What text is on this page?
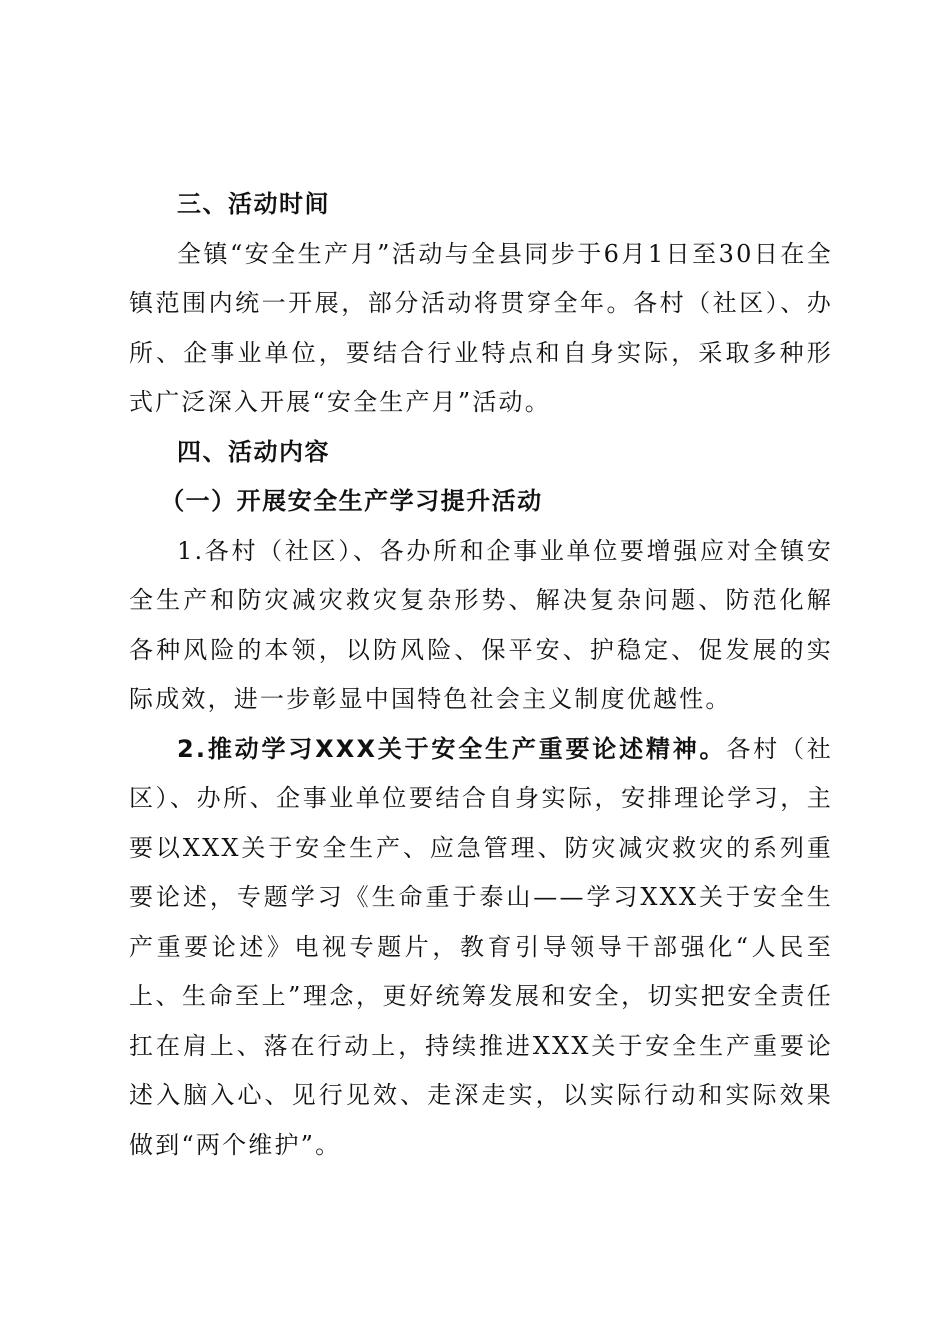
三、活动时间

全镇“安全生产月”活动与全县同步于6月1日至30日在全镇范围内统一开展，部分活动将贯穿全年。各村（社区）、办所、企事业单位，要结合行业特点和自身实际，采取多种形式广泛深入开展“安全生产月”活动。

四、活动内容

（一）开展安全生产学习提升活动

1.各村（社区）、各办所和企事业单位要增强应对全镇安全生产和防灾减灾救灾复杂形势、解决复杂问题、防范化解各种风险的本领，以防风险、保平安、护稳定、促发展的实际成效，进一步彰显中国特色社会主义制度优越性。

2.推动学习XXX关于安全生产重要论述精神。各村（社区）、办所、企事业单位要结合自身实际，安排理论学习，主要以XXX关于安全生产、应急管理、防灾减灾救灾的系列重要论述，专题学习《生命重于泰山——学习XXX关于安全生产重要论述》电视专题片，教育引导领导干部强化“人民至上、生命至上”理念，更好统筹发展和安全，切实把安全责任扛在肩上、落在行动上，持续推进XXX关于安全生产重要论述入脑入心、见行见效、走深走实，以实际行动和实际效果做到“两个维护”。
